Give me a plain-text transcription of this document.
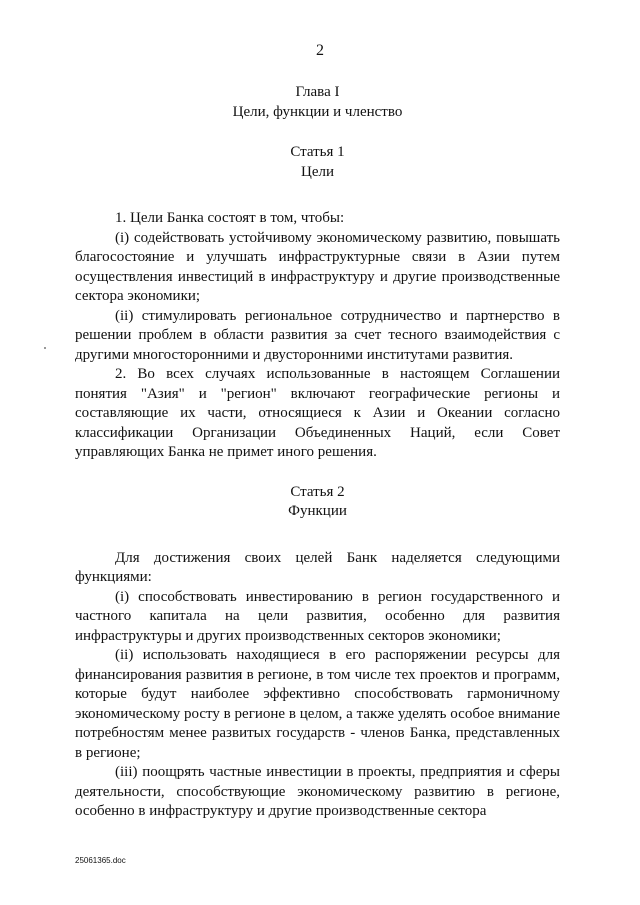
2
Глава I
Цели, функции и членство
Статья 1
Цели

1. Цели Банка состоят в том, чтобы:

(i) содействовать устойчивому экономическому развитию, повышать благосостояние и улучшать инфраструктурные связи в Азии путем осуществления инвестиций в инфраструктуру и другие производственные сектора экономики;

(ii) стимулировать региональное сотрудничество и партнерство в решении проблем в области развития за счет тесного взаимодействия с другими многосторонними и двусторонними институтами развития.

2. Во всех случаях использованные в настоящем Соглашении понятия "Азия" и "регион" включают географические регионы и составляющие их части, относящиеся к Азии и Океании согласно классификации Организации Объединенных Наций, если Совет управляющих Банка не примет иного решения.

Статья 2
Функции

Для достижения своих целей Банк наделяется следующими функциями:

(i) способствовать инвестированию в регион государственного и частного капитала на цели развития, особенно для развития инфраструктуры и других производственных секторов экономики;

(ii) использовать находящиеся в его распоряжении ресурсы для финансирования развития в регионе, в том числе тех проектов и программ, которые будут наиболее эффективно способствовать гармоничному экономическому росту в регионе в целом, а также уделять особое внимание потребностям менее развитых государств - членов Банка, представленных в регионе;

(iii) поощрять частные инвестиции в проекты, предприятия и сферы деятельности, способствующие экономическому развитию в регионе, особенно в инфраструктуру и другие производственные сектора

25061365.doc
